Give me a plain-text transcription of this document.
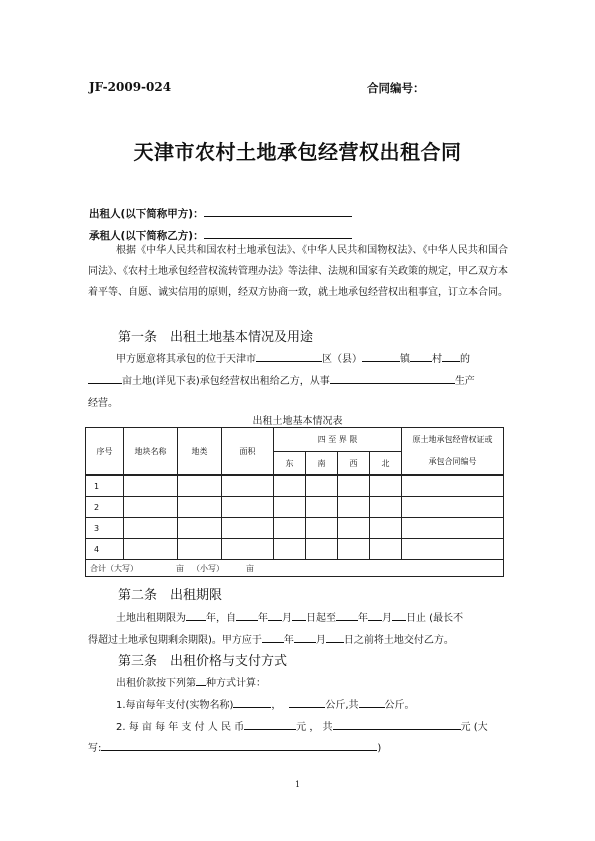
JF-2009-024	合同编号：
天津市农村土地承包经营权出租合同
出租人(以下简称甲方)：
承租人(以下简称乙方)：
根据《中华人民共和国农村土地承包法》、《中华人民共和国物权法》、《中华人民共和国合同法》、《农村土地承包经营权流转管理办法》等法律、法规和国家有关政策的规定，甲乙双方本着平等、自愿、诚实信用的原则，经双方协商一致，就土地承包经营权出租事宜，订立本合同。
第一条　出租土地基本情况及用途
甲方愿意将其承包的位于天津市	区（县）	镇 村 的
亩土地(详见下表)承包经营权出租给乙方，从事	生产
经营。
出租土地基本情况表
序号	地块名称	地类	面积	四 至 界 限				原土地承包经营权证或
承包合同编号

				东	南	西	北	
1								
2								
3								
4								
合计（大写） 亩 （小写） 亩								
第二条　出租期限
土地出租期限为 年，自 年 月 日起至 年 月 日止 (最长不
得超过土地承包期剩余期限)。甲方应于 年 月 日之前将土地交付乙方。
第三条　出租价格与支付方式
出租价款按下列第 种方式计算：
1.每亩每年支付(实物名称)	，	公斤,共	公斤。
2. 每 亩 每 年 支 付 人 民 币	元 ， 共	元 (大
写:	)
1
